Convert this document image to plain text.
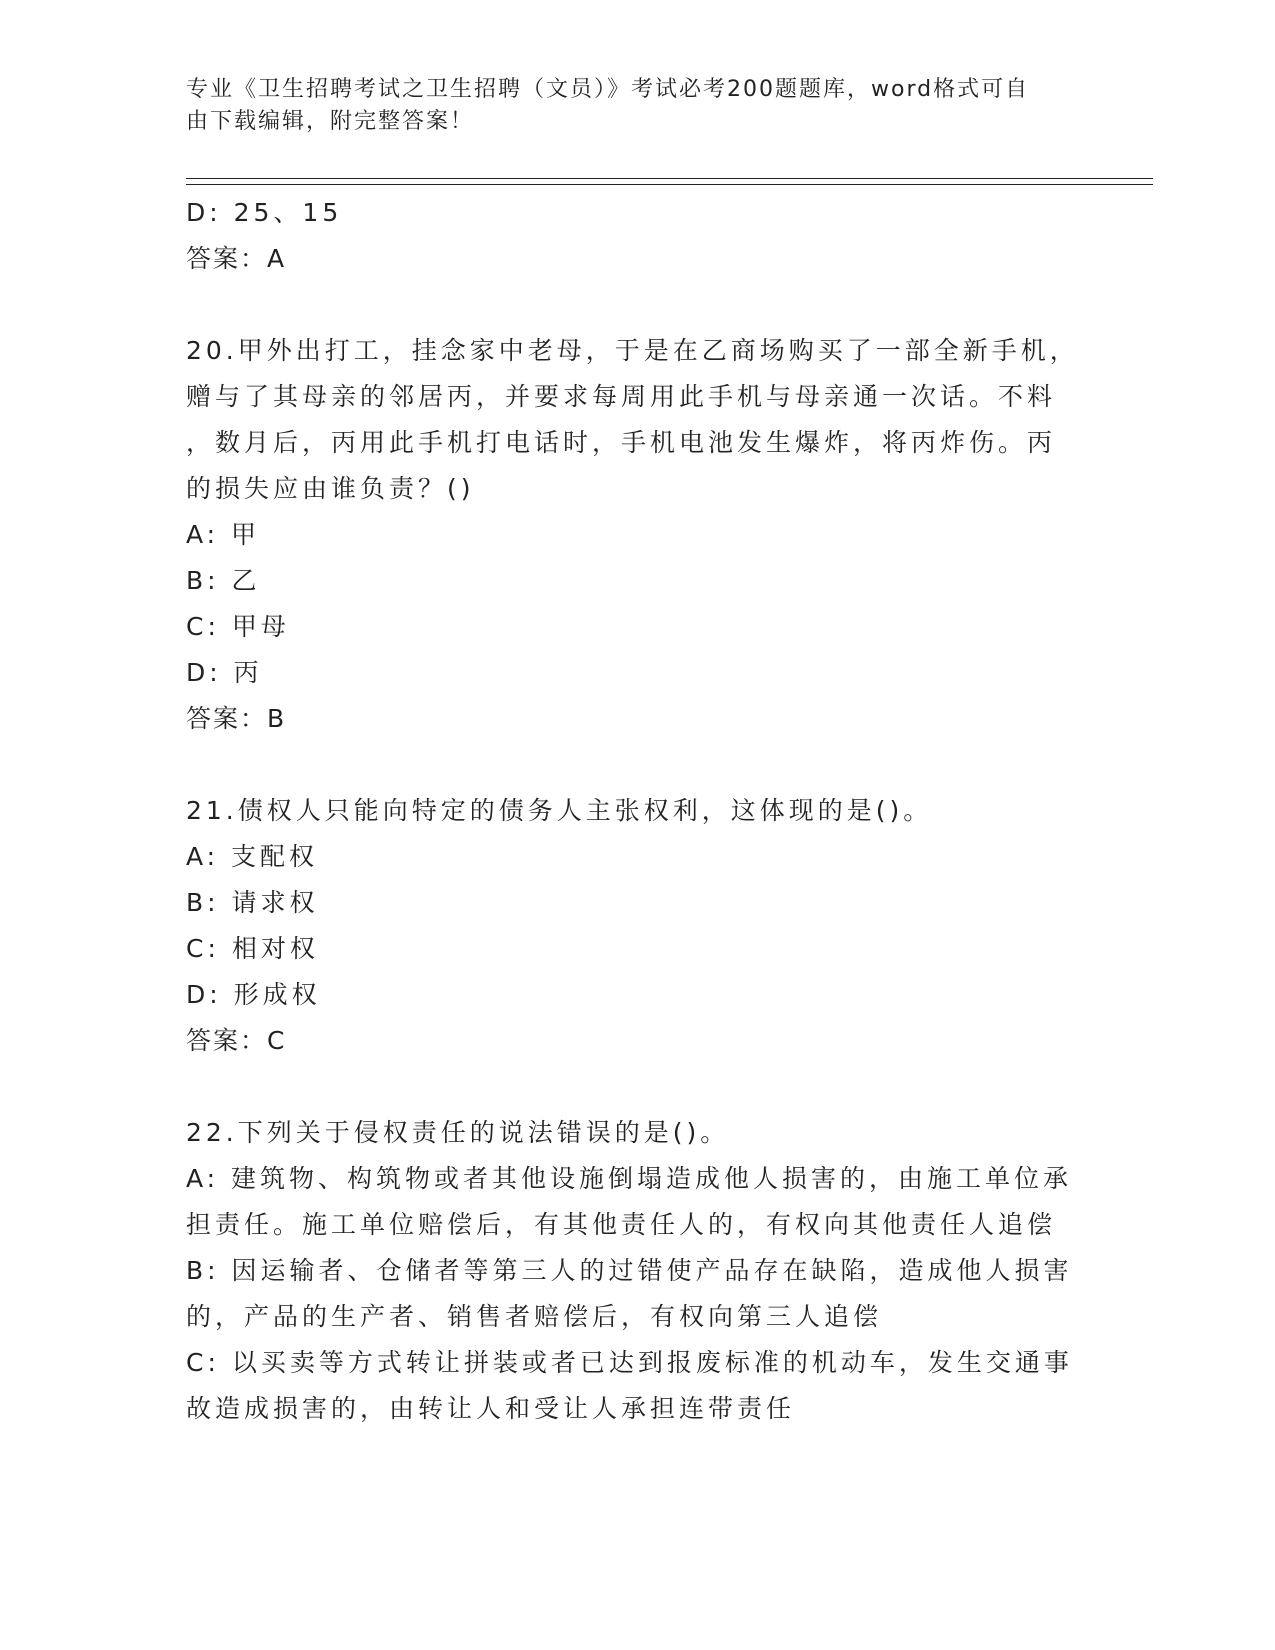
专业《卫生招聘考试之卫生招聘（文员）》考试必考200题题库，word格式可自
由下载编辑，附完整答案！
D: 25、15
答案：A
20.甲外出打工，挂念家中老母，于是在乙商场购买了一部全新手机，
赠与了其母亲的邻居丙，并要求每周用此手机与母亲通一次话。不料
，数月后，丙用此手机打电话时，手机电池发生爆炸，将丙炸伤。丙
的损失应由谁负责？()
A: 甲
B: 乙
C: 甲母
D: 丙
答案：B
21.债权人只能向特定的债务人主张权利，这体现的是()。
A: 支配权
B: 请求权
C: 相对权
D: 形成权
答案：C
22.下列关于侵权责任的说法错误的是()。
A: 建筑物、构筑物或者其他设施倒塌造成他人损害的，由施工单位承
担责任。施工单位赔偿后，有其他责任人的，有权向其他责任人追偿
B: 因运输者、仓储者等第三人的过错使产品存在缺陷，造成他人损害
的，产品的生产者、销售者赔偿后，有权向第三人追偿
C: 以买卖等方式转让拼装或者已达到报废标准的机动车，发生交通事
故造成损害的，由转让人和受让人承担连带责任
